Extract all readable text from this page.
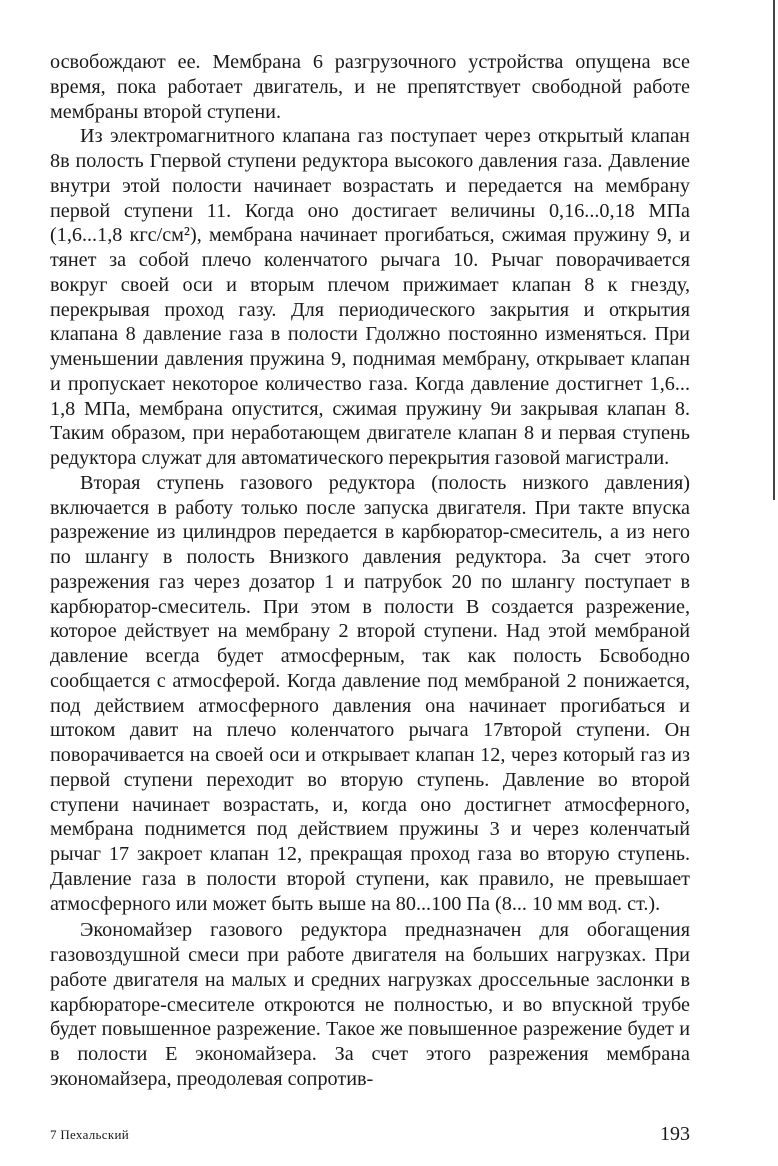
освобождают ее. Мембрана 6 разгрузочного устройства опущена все время, пока работает двигатель, и не препятствует свободной работе мембраны второй ступени.

Из электромагнитного клапана газ поступает через открытый клапан 8в полость Гпервой ступени редуктора высокого давления газа. Давление внутри этой полости начинает возрастать и передается на мембрану первой ступени 11. Когда оно достигает величины 0,16...0,18 МПа (1,6...1,8 кгс/см²), мембрана начинает прогибаться, сжимая пружину 9, и тянет за собой плечо коленчатого рычага 10. Рычаг поворачивается вокруг своей оси и вторым плечом прижимает клапан 8 к гнезду, перекрывая проход газу. Для периодического закрытия и открытия клапана 8 давление газа в полости Гдолжно постоянно изменяться. При уменьшении давления пружина 9, поднимая мембрану, открывает клапан и пропускает некоторое количество газа. Когда давление достигнет 1,6... 1,8 МПа, мембрана опустится, сжимая пружину 9и закрывая клапан 8. Таким образом, при неработающем двигателе клапан 8 и первая ступень редуктора служат для автоматического перекрытия газовой магистрали.

Вторая ступень газового редуктора (полость низкого давления) включается в работу только после запуска двигателя. При такте впуска разрежение из цилиндров передается в карбюратор-смеситель, а из него по шлангу в полость Внизкого давления редуктора. За счет этого разрежения газ через дозатор 1 и патрубок 20 по шлангу поступает в карбюратор-смеситель. При этом в полости В создается разрежение, которое действует на мембрану 2 второй ступени. Над этой мембраной давление всегда будет атмосферным, так как полость Бсвободно сообщается с атмосферой. Когда давление под мембраной 2 понижается, под действием атмосферного давления она начинает прогибаться и штоком давит на плечо коленчатого рычага 17второй ступени. Он поворачивается на своей оси и открывает клапан 12, через который газ из первой ступени переходит во вторую ступень. Давление во второй ступени начинает возрастать, и, когда оно достигнет атмосферного, мембрана поднимется под действием пружины 3 и через коленчатый рычаг 17 закроет клапан 12, прекращая проход газа во вторую ступень. Давление газа в полости второй ступени, как правило, не превышает атмосферного или может быть выше на 80...100 Па (8... 10 мм вод. ст.).

Экономайзер газового редуктора предназначен для обогащения газовоздушной смеси при работе двигателя на больших нагрузках. При работе двигателя на малых и средних нагрузках дроссельные заслонки в карбюраторе-смесителе откроются не полностью, и во впускной трубе будет повышенное разрежение. Такое же повышенное разрежение будет и в полости Е экономайзера. За счет этого разрежения мембрана экономайзера, преодолевая сопротив-

7 Пехальский	193
